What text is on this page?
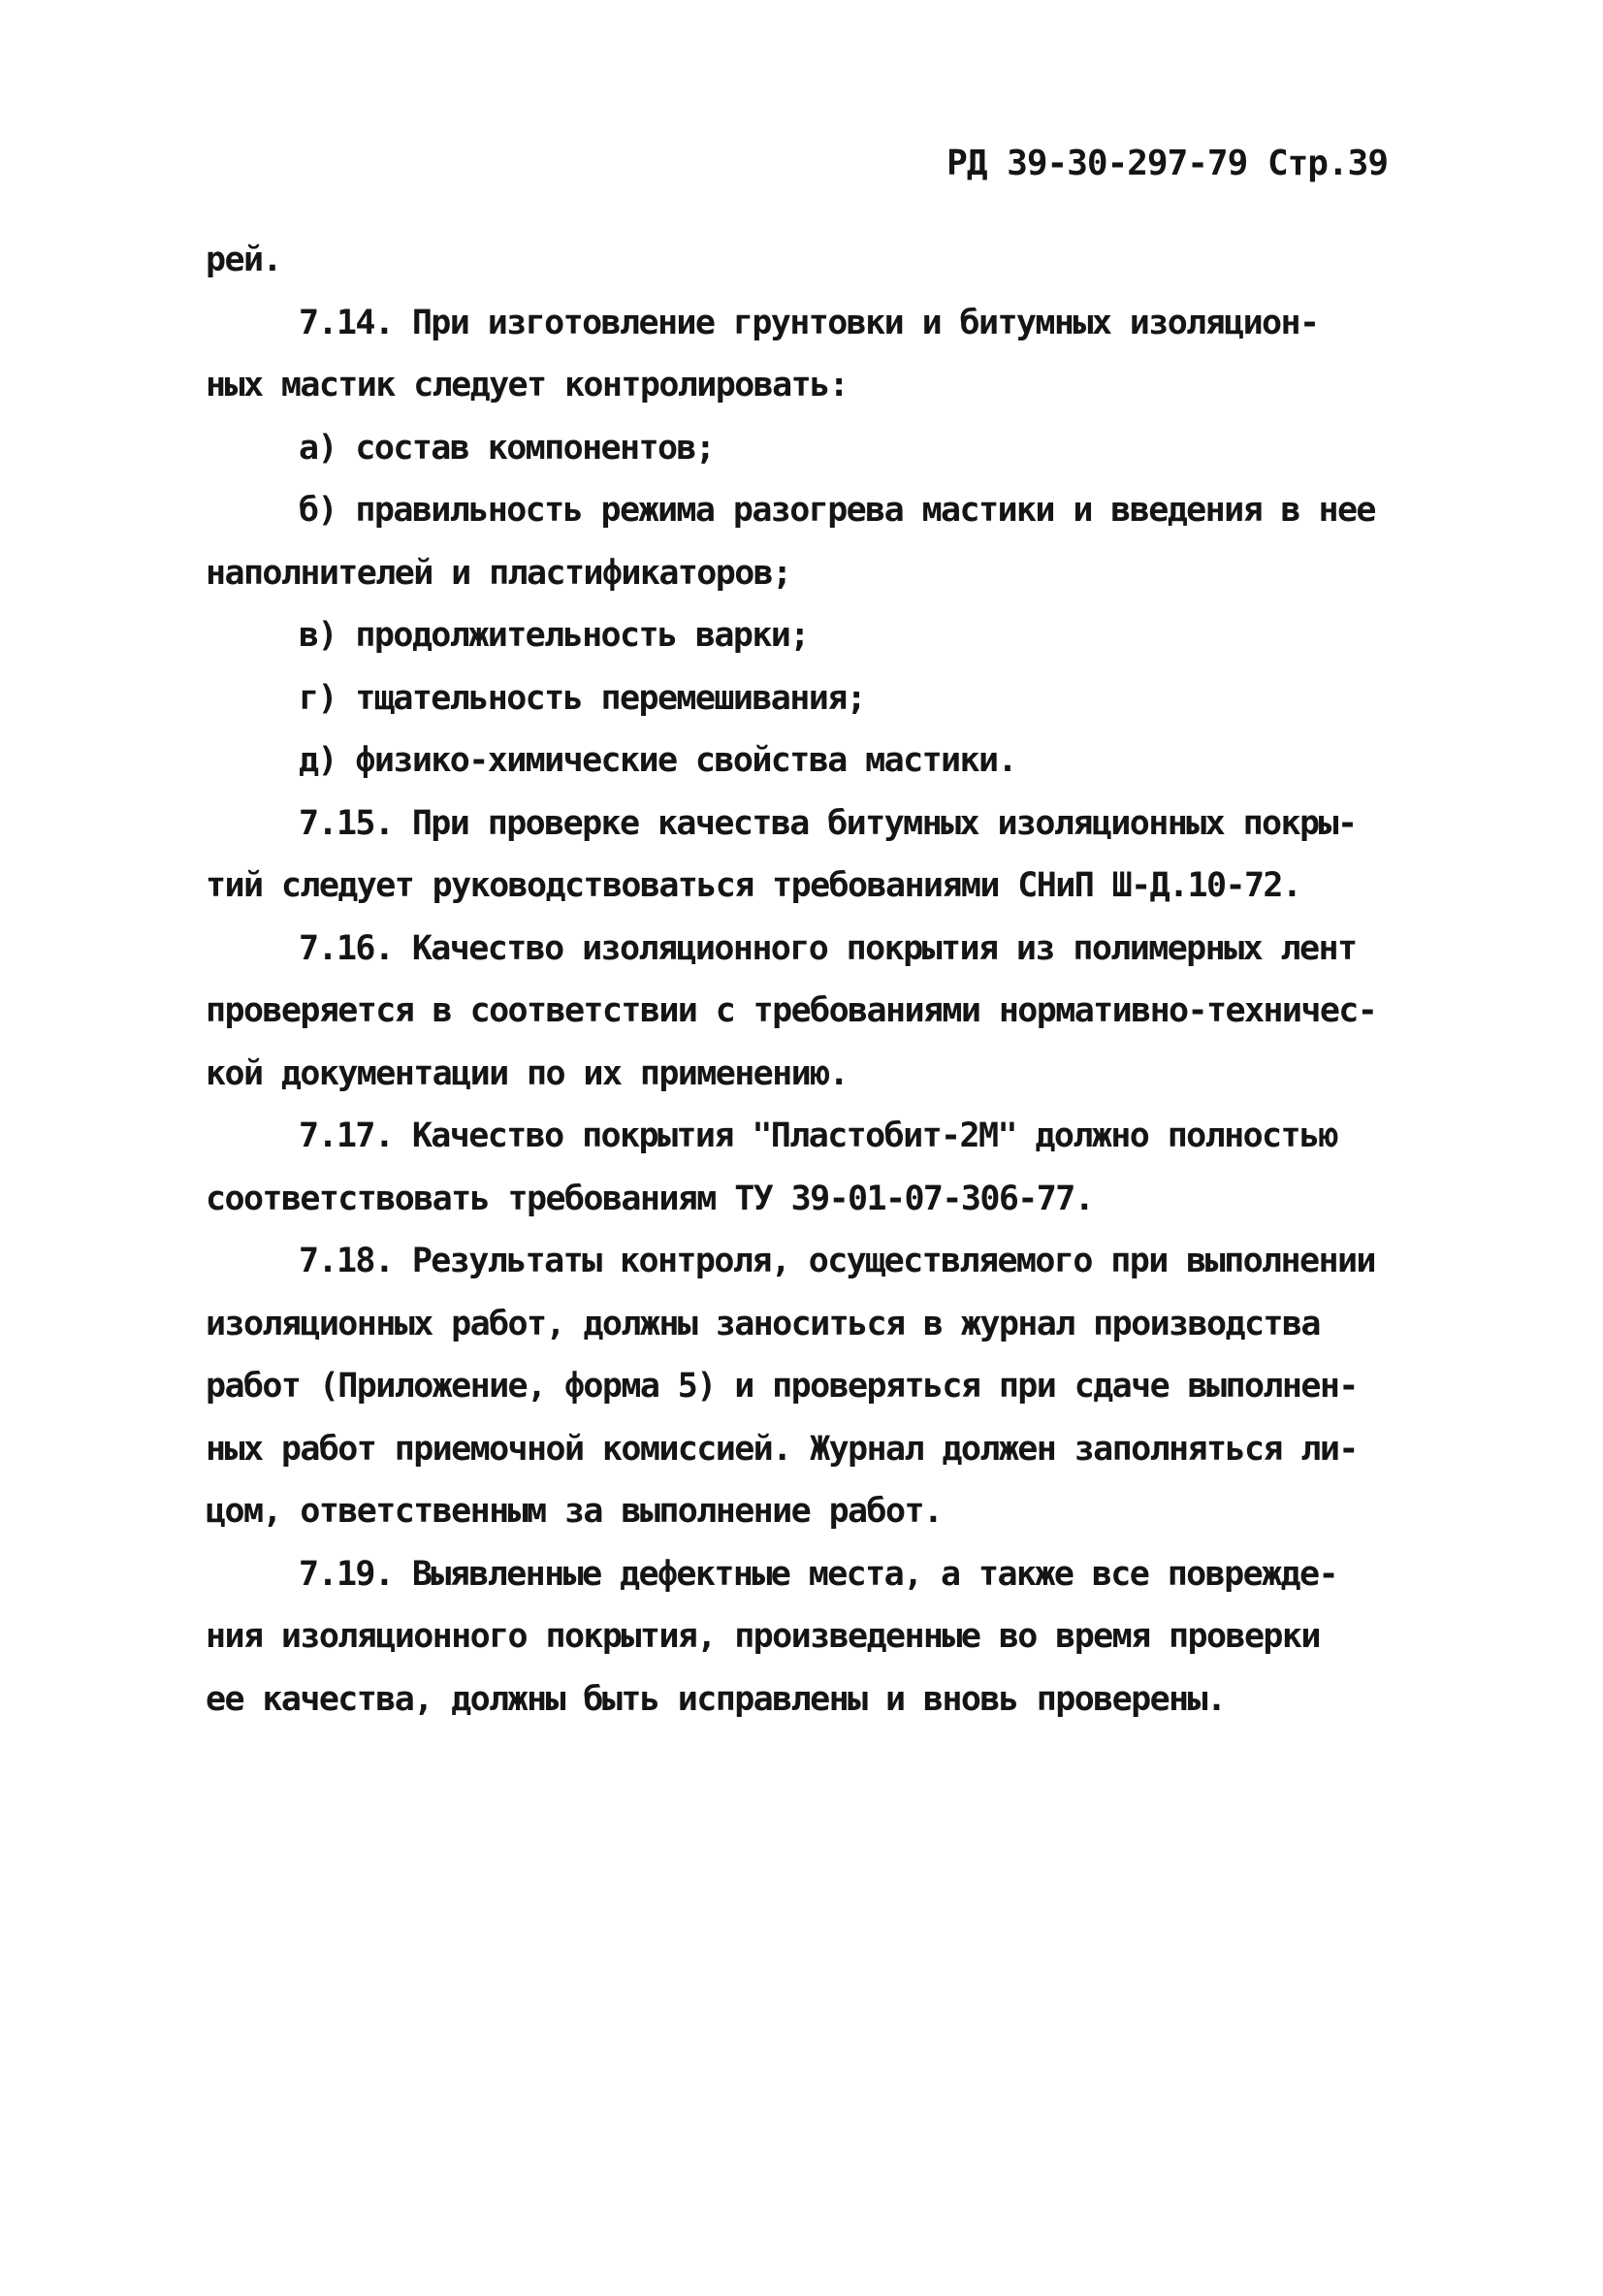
РД 39-30-297-79 Стр.39
рей.
7.14. При изготовление грунтовки и битумных изоляцион-
ных мастик следует контролировать:
а) состав компонентов;
б) правильность режима разогрева мастики и введения в нее
наполнителей и пластификаторов;
в) продолжительность варки;
г) тщательность перемешивания;
д) физико-химические свойства мастики.
7.15. При проверке качества битумных изоляционных покры-
тий следует руководствоваться требованиями СНиП Ш-Д.10-72.
7.16. Качество изоляционного покрытия из полимерных лент
проверяется в соответствии с требованиями нормативно-техничес-
кой документации по их применению.
7.17. Качество покрытия "Пластобит-2М" должно полностью
соответствовать требованиям ТУ 39-01-07-306-77.
7.18. Результаты контроля, осуществляемого при выполнении
изоляционных работ, должны заноситься в журнал производства
работ (Приложение, форма 5) и проверяться при сдаче выполнен-
ных работ приемочной комиссией. Журнал должен заполняться ли-
цом, ответственным за выполнение работ.
7.19. Выявленные дефектные места, а также все поврежде-
ния изоляционного покрытия, произведенные во время проверки
ее качества, должны быть исправлены и вновь проверены.
